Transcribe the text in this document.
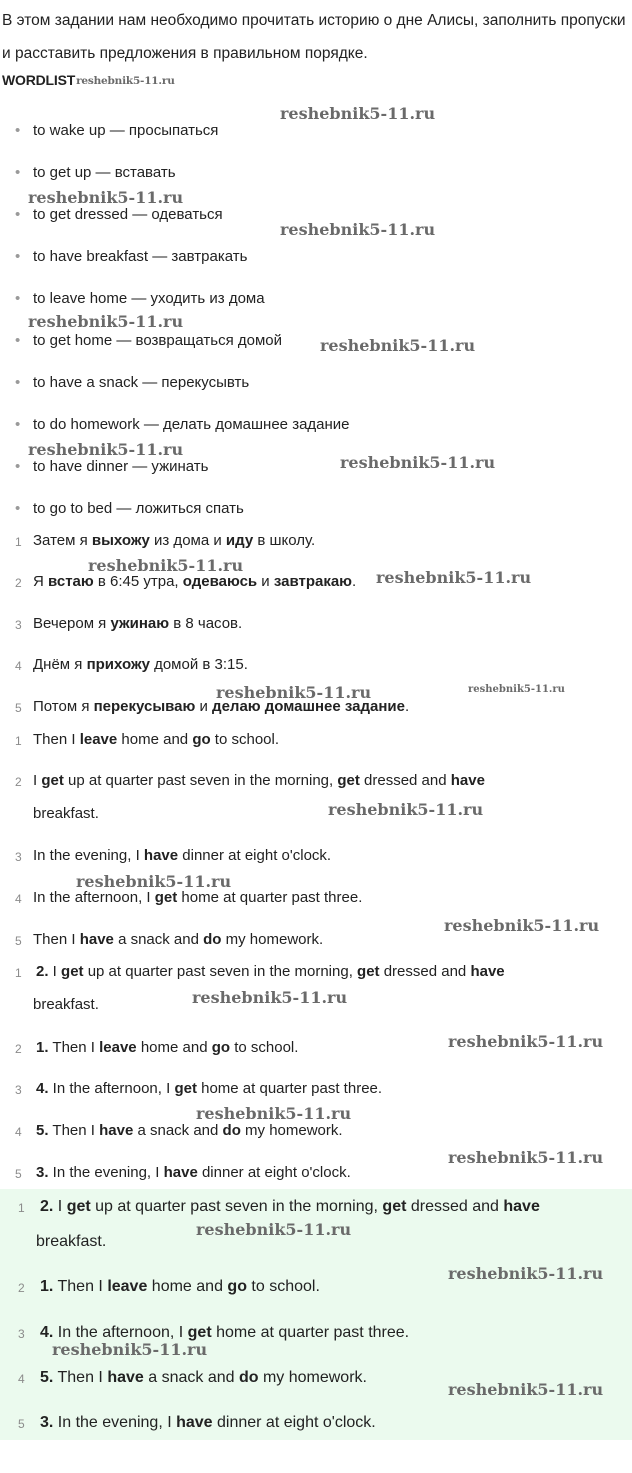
В этом задании нам необходимо прочитать историю о дне Алисы, заполнить пропуски и расставить предложения в правильном порядке.
WORDLISTreshebnik5-11.ru
• to wake up — просыпаться
• to get up — вставать
• to get dressed — одеваться
• to have breakfast — завтракать
• to leave home — уходить из дома
• to get home — возвращаться домой
• to have a snack — перекусывть
• to do homework — делать домашнее задание
• to have dinner — ужинать
• to go to bed — ложиться спать
1 Затем я выхожу из дома и иду в школу.
2 Я встаю в 6:45 утра, одеваюсь и завтракаю.
3 Вечером я ужинаю в 8 часов.
4 Днём я прихожу домой в 3:15.
5 Потом я перекусываю и делаю домашнее задание.
1 Then I leave home and go to school.
2 I get up at quarter past seven in the morning, get dressed and have
breakfast.
3 In the evening, I have dinner at eight o'clock.
4 In the afternoon, I get home at quarter past three.
5 Then I have a snack and do my homework.
1 2. I get up at quarter past seven in the morning, get dressed and have
breakfast.
2 1. Then I leave home and go to school.
3 4. In the afternoon, I get home at quarter past three.
4 5. Then I have a snack and do my homework.
5 3. In the evening, I have dinner at eight o'clock.
1 2. I get up at quarter past seven in the morning, get dressed and have
breakfast.
2 1. Then I leave home and go to school.
3 4. In the afternoon, I get home at quarter past three.
4 5. Then I have a snack and do my homework.
5 3. In the evening, I have dinner at eight o'clock.
reshebnik5-11.ru
reshebnik5-11.ru
reshebnik5-11.ru
reshebnik5-11.ru
reshebnik5-11.ru
reshebnik5-11.ru
reshebnik5-11.ru
reshebnik5-11.ru
reshebnik5-11.ru
reshebnik5-11.ru	reshebnik5-11.ru
reshebnik5-11.ru
reshebnik5-11.ru
reshebnik5-11.ru
reshebnik5-11.ru
reshebnik5-11.ru
reshebnik5-11.ru
reshebnik5-11.ru
reshebnik5-11.ru
reshebnik5-11.ru
reshebnik5-11.ru
reshebnik5-11.ru
